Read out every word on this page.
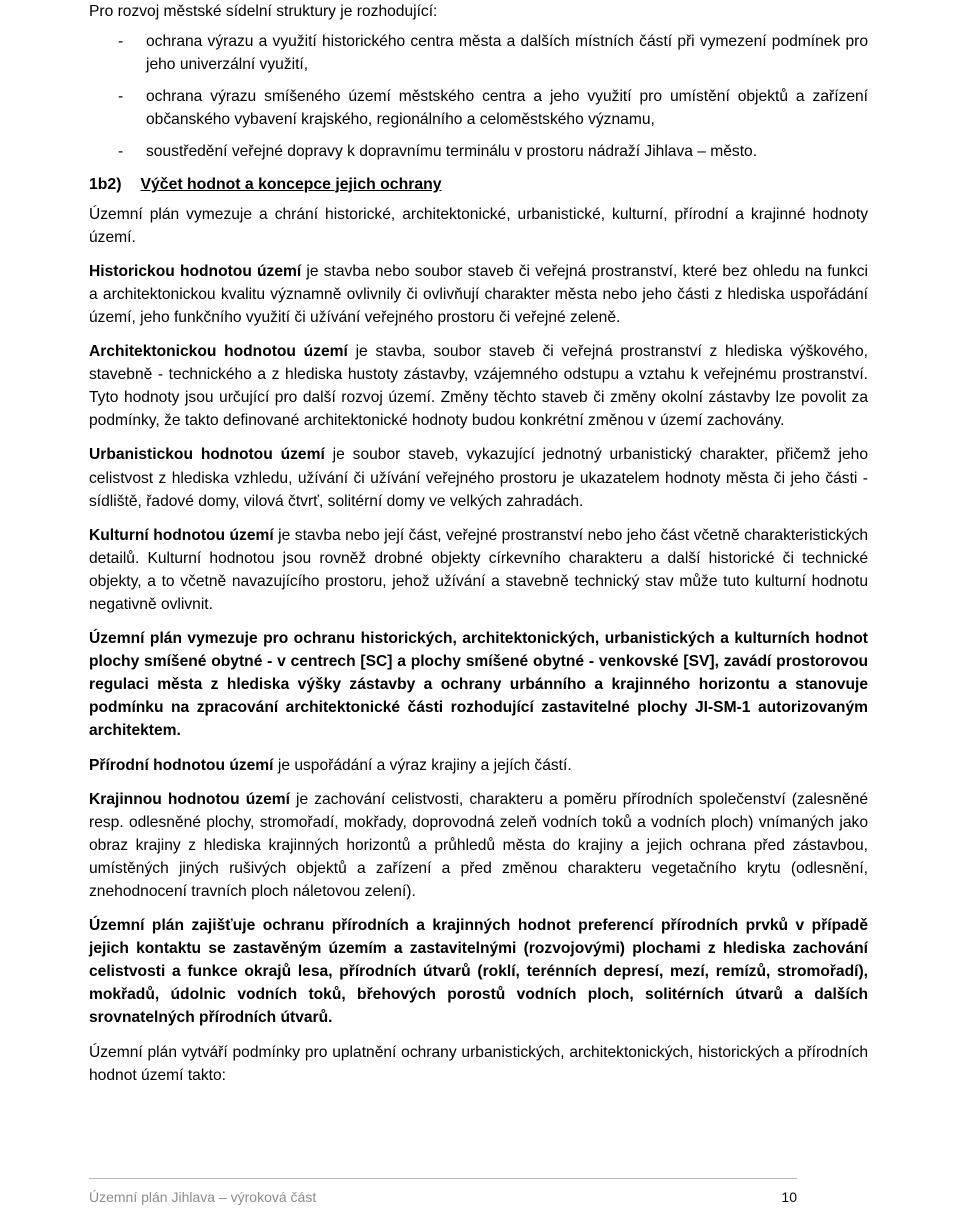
Pro rozvoj městské sídelní struktury je rozhodující:

- ochrana výrazu a využití historického centra města a dalších místních částí při vymezení podmínek pro jeho univerzální využití,
- ochrana výrazu smíšeného území městského centra a jeho využití pro umístění objektů a zařízení občanského vybavení krajského, regionálního a celoměstského významu,
- soustředění veřejné dopravy k dopravnímu terminálu v prostoru nádraží Jihlava – město.
1b2) Výčet hodnot a koncepce jejich ochrany

Územní plán vymezuje a chrání historické, architektonické, urbanistické, kulturní, přírodní a krajinné hodnoty území.

Historickou hodnotou území je stavba nebo soubor staveb či veřejná prostranství, které bez ohledu na funkci a architektonickou kvalitu významně ovlivnily či ovlivňují charakter města nebo jeho části z hlediska uspořádání území, jeho funkčního využití či užívání veřejného prostoru či veřejné zeleně.

Architektonickou hodnotou území je stavba, soubor staveb či veřejná prostranství z hlediska výškového, stavebně - technického a z hlediska hustoty zástavby, vzájemného odstupu a vztahu k veřejnému prostranství. Tyto hodnoty jsou určující pro další rozvoj území. Změny těchto staveb či změny okolní zástavby lze povolit za podmínky, že takto definované architektonické hodnoty budou konkrétní změnou v území zachovány.

Urbanistickou hodnotou území je soubor staveb, vykazující jednotný urbanistický charakter, přičemž jeho celistvost z hlediska vzhledu, užívání či užívání veřejného prostoru je ukazatelem hodnoty města či jeho části - sídliště, řadové domy, vilová čtvrť, solitérní domy ve velkých zahradách.

Kulturní hodnotou území je stavba nebo její část, veřejné prostranství nebo jeho část včetně charakteristických detailů. Kulturní hodnotou jsou rovněž drobné objekty církevního charakteru a další historické či technické objekty, a to včetně navazujícího prostoru, jehož užívání a stavebně technický stav může tuto kulturní hodnotu negativně ovlivnit.

Územní plán vymezuje pro ochranu historických, architektonických, urbanistických a kulturních hodnot plochy smíšené obytné - v centrech [SC] a plochy smíšené obytné - venkovské [SV], zavádí prostorovou regulaci města z hlediska výšky zástavby a ochrany urbánního a krajinného horizontu a stanovuje podmínku na zpracování architektonické části rozhodující zastavitelné plochy JI-SM-1 autorizovaným architektem.

Přírodní hodnotou území je uspořádání a výraz krajiny a jejích částí.

Krajinnou hodnotou území je zachování celistvosti, charakteru a poměru přírodních společenství (zalesněné resp. odlesněné plochy, stromořadí, mokřady, doprovodná zeleň vodních toků a vodních ploch) vnímaných jako obraz krajiny z hlediska krajinných horizontů a průhledů města do krajiny a jejich ochrana před zástavbou, umístěných jiných rušivých objektů a zařízení a před změnou charakteru vegetačního krytu (odlesnění, znehodnocení travních ploch náletovou zelení).

Územní plán zajišťuje ochranu přírodních a krajinných hodnot preferencí přírodních prvků v případě jejich kontaktu se zastavěným územím a zastavitelnými (rozvojovými) plochami z hlediska zachování celistvosti a funkce okrajů lesa, přírodních útvarů (roklí, terénních depresí, mezí, remízů, stromořadí), mokřadů, údolnic vodních toků, břehových porostů vodních ploch, solitérních útvarů a dalších srovnatelných přírodních útvarů.

Územní plán vytváří podmínky pro uplatnění ochrany urbanistických, architektonických, historických a přírodních hodnot území takto:

Územní plán Jihlava – výroková část	10
